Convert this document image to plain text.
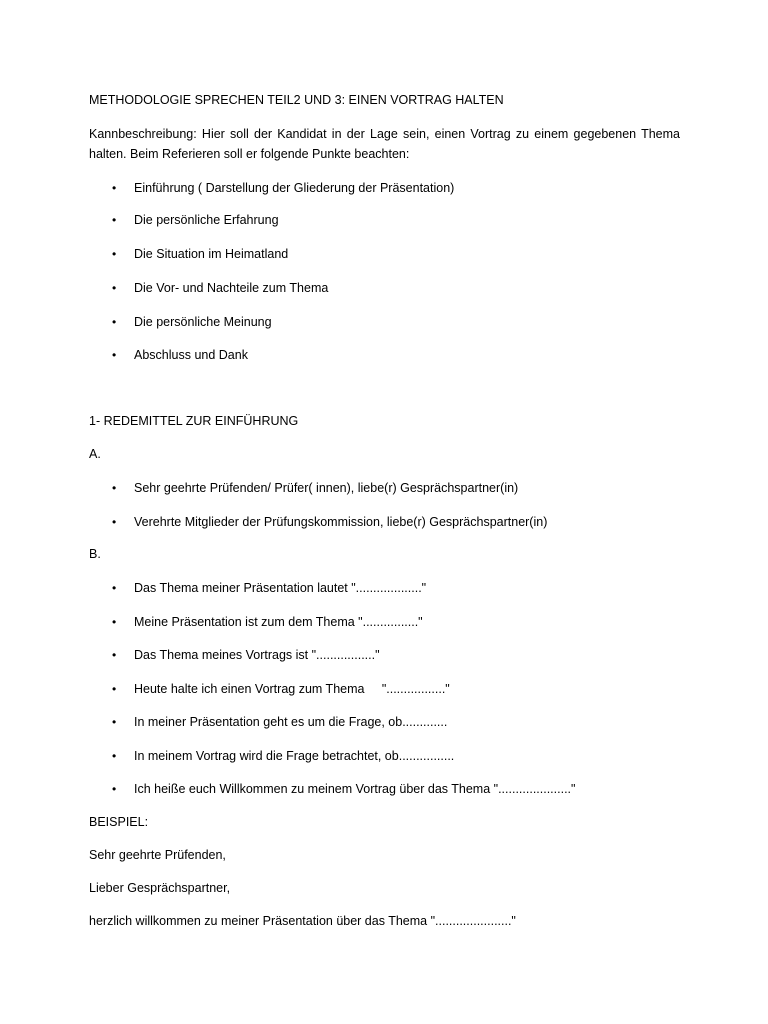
METHODOLOGIE SPRECHEN TEIL2 UND 3: EINEN VORTRAG HALTEN
Kannbeschreibung: Hier soll der Kandidat in der Lage sein, einen Vortrag zu einem gegebenen Thema halten. Beim Referieren soll er folgende Punkte beachten:
•	Einführung ( Darstellung der Gliederung der Präsentation)
•	Die persönliche Erfahrung
•	Die Situation im Heimatland
•	Die Vor- und Nachteile zum Thema
•	Die persönliche Meinung
•	Abschluss und Dank
1- REDEMITTEL ZUR EINFÜHRUNG
A.
•	Sehr geehrte Prüfenden/ Prüfer( innen), liebe(r) Gesprächspartner(in)
•	Verehrte Mitglieder der Prüfungskommission, liebe(r) Gesprächspartner(in)
B.
•	Das Thema meiner Präsentation lautet "..................."
•	Meine Präsentation ist zum dem Thema "................"
•	Das Thema meines Vortrags ist "................."
•	Heute halte ich einen Vortrag zum Thema     "................."
•	In meiner Präsentation geht es um die Frage, ob.............
•	In meinem Vortrag wird die Frage betrachtet, ob................
•	Ich heiße euch Willkommen zu meinem Vortrag über das Thema "....................."
BEISPIEL:
Sehr geehrte Prüfenden,
Lieber Gesprächspartner,
herzlich willkommen zu meiner Präsentation über das Thema "......................"
